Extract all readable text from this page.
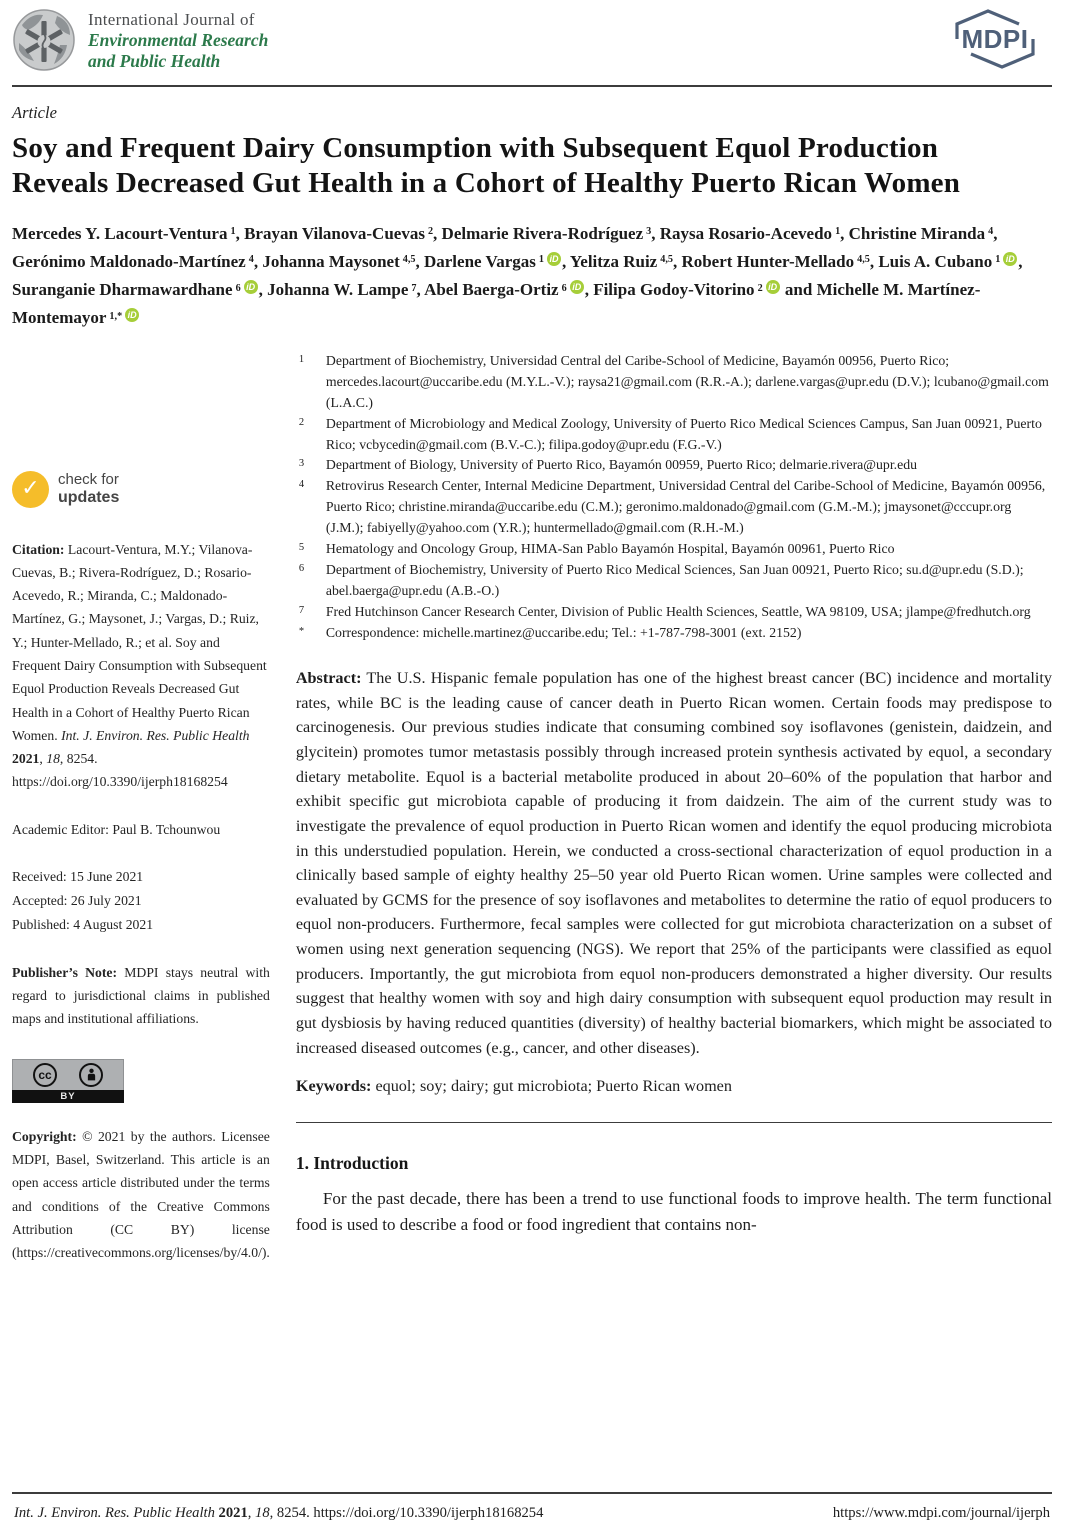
International Journal of
Environmental Research
and Public Health
MDPI
Article
Soy and Frequent Dairy Consumption with Subsequent Equol Production Reveals Decreased Gut Health in a Cohort of Healthy Puerto Rican Women

Mercedes Y. Lacourt-Ventura $^1$, Brayan Vilanova-Cuevas $^2$, Delmarie Rivera-Rodríguez $^3$, Raysa Rosario-Acevedo $^1$, Christine Miranda $^4$, Gerónimo Maldonado-Martínez $^4$, Johanna Maysonet $^{4,5}$, Darlene Vargas $^1$ iD , Yelitza Ruiz $^{4,5}$, Robert Hunter-Mellado $^{4,5}$, Luis A. Cubano $^1$ iD , Suranganie Dharmawardhane $^6$ iD , Johanna W. Lampe $^7$, Abel Baerga-Ortiz $^6$ iD , Filipa Godoy-Vitorino $^2$ iD and Michelle M. Martínez-Montemayor $^{1,*}$ iD

✓ check for
updates

Citation: Lacourt-Ventura, M.Y.; Vilanova-Cuevas, B.; Rivera-Rodríguez, D.; Rosario-Acevedo, R.; Miranda, C.; Maldonado-Martínez, G.; Maysonet, J.; Vargas, D.; Ruiz, Y.; Hunter-Mellado, R.; et al. Soy and Frequent Dairy Consumption with Subsequent Equol Production Reveals Decreased Gut Health in a Cohort of Healthy Puerto Rican Women. Int. J. Environ. Res. Public Health 2021, 18, 8254. https://doi.org/10.3390/ijerph18168254

Academic Editor: Paul B. Tchounwou

Received: 15 June 2021
Accepted: 26 July 2021
Published: 4 August 2021

Publisher’s Note: MDPI stays neutral with regard to jurisdictional claims in published maps and institutional affiliations.

cc
BY

Copyright: © 2021 by the authors. Licensee MDPI, Basel, Switzerland. This article is an open access article distributed under the terms and conditions of the Creative Commons Attribution (CC BY) license (https://creativecommons.org/licenses/by/4.0/).

1	Department of Biochemistry, Universidad Central del Caribe-School of Medicine, Bayamón 00956, Puerto Rico; mercedes.lacourt@uccaribe.edu (M.Y.L.-V.); raysa21@gmail.com (R.R.-A.); darlene.vargas@upr.edu (D.V.); lcubano@gmail.com (L.A.C.)
2	Department of Microbiology and Medical Zoology, University of Puerto Rico Medical Sciences Campus, San Juan 00921, Puerto Rico; vcbycedin@gmail.com (B.V.-C.); filipa.godoy@upr.edu (F.G.-V.)
3	Department of Biology, University of Puerto Rico, Bayamón 00959, Puerto Rico; delmarie.rivera@upr.edu
4	Retrovirus Research Center, Internal Medicine Department, Universidad Central del Caribe-School of Medicine, Bayamón 00956, Puerto Rico; christine.miranda@uccaribe.edu (C.M.); geronimo.maldonado@gmail.com (G.M.-M.); jmaysonet@cccupr.org (J.M.); fabiyelly@yahoo.com (Y.R.); huntermellado@gmail.com (R.H.-M.)
5	Hematology and Oncology Group, HIMA-San Pablo Bayamón Hospital, Bayamón 00961, Puerto Rico
6	Department of Biochemistry, University of Puerto Rico Medical Sciences, San Juan 00921, Puerto Rico; su.d@upr.edu (S.D.); abel.baerga@upr.edu (A.B.-O.)
7	Fred Hutchinson Cancer Research Center, Division of Public Health Sciences, Seattle, WA 98109, USA; jlampe@fredhutch.org
*	Correspondence: michelle.martinez@uccaribe.edu; Tel.: +1-787-798-3001 (ext. 2152)

Abstract: The U.S. Hispanic female population has one of the highest breast cancer (BC) incidence and mortality rates, while BC is the leading cause of cancer death in Puerto Rican women. Certain foods may predispose to carcinogenesis. Our previous studies indicate that consuming combined soy isoflavones (genistein, daidzein, and glycitein) promotes tumor metastasis possibly through increased protein synthesis activated by equol, a secondary dietary metabolite. Equol is a bacterial metabolite produced in about 20–60% of the population that harbor and exhibit specific gut microbiota capable of producing it from daidzein. The aim of the current study was to investigate the prevalence of equol production in Puerto Rican women and identify the equol producing microbiota in this understudied population. Herein, we conducted a cross-sectional characterization of equol production in a clinically based sample of eighty healthy 25–50 year old Puerto Rican women. Urine samples were collected and evaluated by GCMS for the presence of soy isoflavones and metabolites to determine the ratio of equol producers to equol non-producers. Furthermore, fecal samples were collected for gut microbiota characterization on a subset of women using next generation sequencing (NGS). We report that 25% of the participants were classified as equol producers. Importantly, the gut microbiota from equol non-producers demonstrated a higher diversity. Our results suggest that healthy women with soy and high dairy consumption with subsequent equol production may result in gut dysbiosis by having reduced quantities (diversity) of healthy bacterial biomarkers, which might be associated to increased diseased outcomes (e.g., cancer, and other diseases).

Keywords: equol; soy; dairy; gut microbiota; Puerto Rican women

1. Introduction

For the past decade, there has been a trend to use functional foods to improve health. The term functional food is used to describe a food or food ingredient that contains non-

Int. J. Environ. Res. Public Health 2021, 18, 8254. https://doi.org/10.3390/ijerph18168254	https://www.mdpi.com/journal/ijerph
